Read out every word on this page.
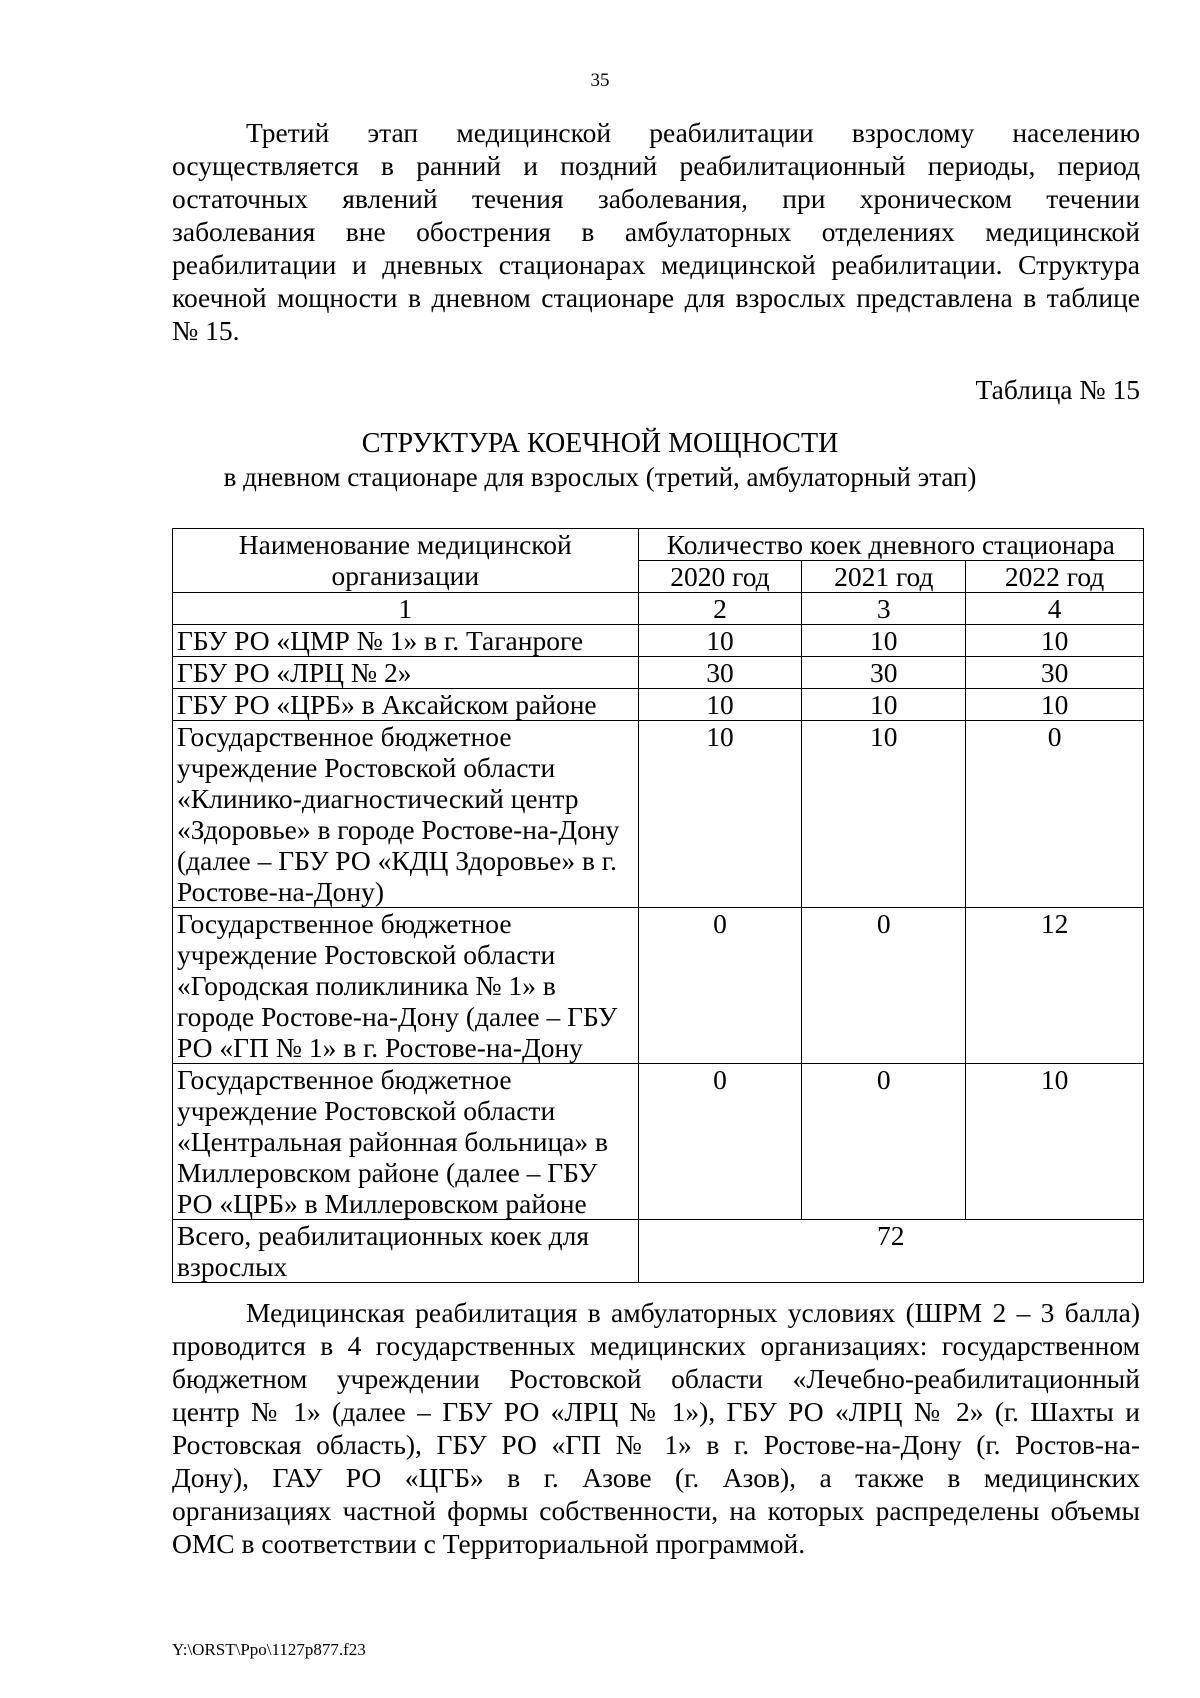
35
Третий этап медицинской реабилитации взрослому населению
осуществляется в ранний и поздний реабилитационный периоды, период
остаточных явлений течения заболевания, при хроническом течении
заболевания вне обострения в амбулаторных отделениях медицинской
реабилитации и дневных стационарах медицинской реабилитации. Структура
коечной мощности в дневном стационаре для взрослых представлена в таблице
№ 15.
Таблица № 15
СТРУКТУРА КОЕЧНОЙ МОЩНОСТИ
в дневном стационаре для взрослых (третий, амбулаторный этап)
Наименование медицинской организации	Количество коек дневного стационара		
	2020 год	2021 год	2022 год
1	2	3	4
ГБУ РО «ЦМР № 1» в г. Таганроге	10	10	10
ГБУ РО «ЛРЦ № 2»	30	30	30
ГБУ РО «ЦРБ» в Аксайском районе	10	10	10
Государственное бюджетное учреждение Ростовской области «Клинико-диагностический центр «Здоровье» в городе Ростове-на-Дону (далее – ГБУ РО «КДЦ Здоровье» в г. Ростове-на-Дону)	10	10	0
Государственное бюджетное учреждение Ростовской области «Городская поликлиника № 1» в городе Ростове-на-Дону (далее – ГБУ РО «ГП № 1» в г. Ростове-на-Дону	0	0	12
Государственное бюджетное учреждение Ростовской области «Центральная районная больница» в Миллеровском районе (далее – ГБУ РО «ЦРБ» в Миллеровском районе	0	0	10
Всего, реабилитационных коек для взрослых	72		
Медицинская реабилитация в амбулаторных условиях (ШРМ 2 – 3 балла)
проводится в 4 государственных медицинских организациях: государственном
бюджетном учреждении Ростовской области «Лечебно-реабилитационный
центр № 1» (далее – ГБУ РО «ЛРЦ № 1»), ГБУ РО «ЛРЦ № 2» (г. Шахты и
Ростовская область), ГБУ РО «ГП № 1» в г. Ростове-на-Дону (г. Ростов-на-
Дону), ГАУ РО «ЦГБ» в г. Азове (г. Азов), а также в медицинских
организациях частной формы собственности, на которых распределены объемы
ОМС в соответствии с Территориальной программой.
Y:\ORST\Ppo\1127p877.f23
